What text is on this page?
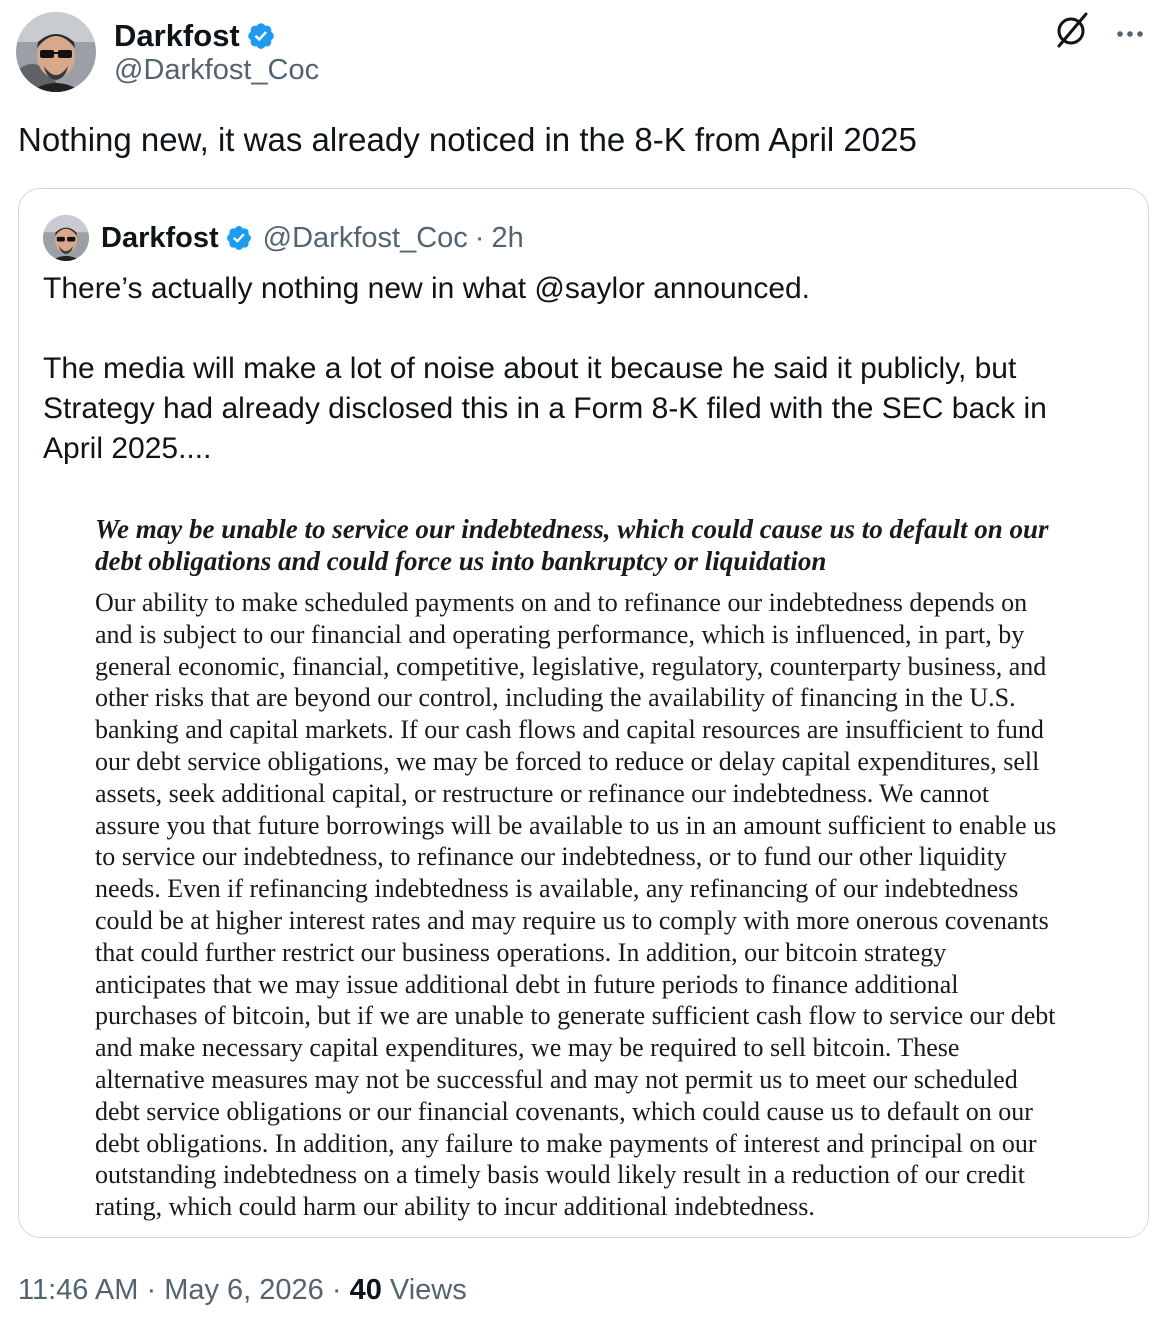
Darkfost
@Darkfost_Coc
Nothing new, it was already noticed in the 8-K from April 2025
Darkfost @Darkfost_Coc · 2h

There’s actually nothing new in what @saylor announced.

The media will make a lot of noise about it because he said it publicly, but

Strategy had already disclosed this in a Form 8-K filed with the SEC back in

April 2025....

We may be unable to service our indebtedness, which could cause us to default on our
debt obligations and could force us into bankruptcy or liquidation
Our ability to make scheduled payments on and to refinance our indebtedness depends on
and is subject to our financial and operating performance, which is influenced, in part, by
general economic, financial, competitive, legislative, regulatory, counterparty business, and
other risks that are beyond our control, including the availability of financing in the U.S.
banking and capital markets. If our cash flows and capital resources are insufficient to fund
our debt service obligations, we may be forced to reduce or delay capital expenditures, sell
assets, seek additional capital, or restructure or refinance our indebtedness. We cannot
assure you that future borrowings will be available to us in an amount sufficient to enable us
to service our indebtedness, to refinance our indebtedness, or to fund our other liquidity
needs. Even if refinancing indebtedness is available, any refinancing of our indebtedness
could be at higher interest rates and may require us to comply with more onerous covenants
that could further restrict our business operations. In addition, our bitcoin strategy
anticipates that we may issue additional debt in future periods to finance additional
purchases of bitcoin, but if we are unable to generate sufficient cash flow to service our debt
and make necessary capital expenditures, we may be required to sell bitcoin. These
alternative measures may not be successful and may not permit us to meet our scheduled
debt service obligations or our financial covenants, which could cause us to default on our
debt obligations. In addition, any failure to make payments of interest and principal on our
outstanding indebtedness on a timely basis would likely result in a reduction of our credit
rating, which could harm our ability to incur additional indebtedness.
11:46 AM · May 6, 2026 · 40 Views
